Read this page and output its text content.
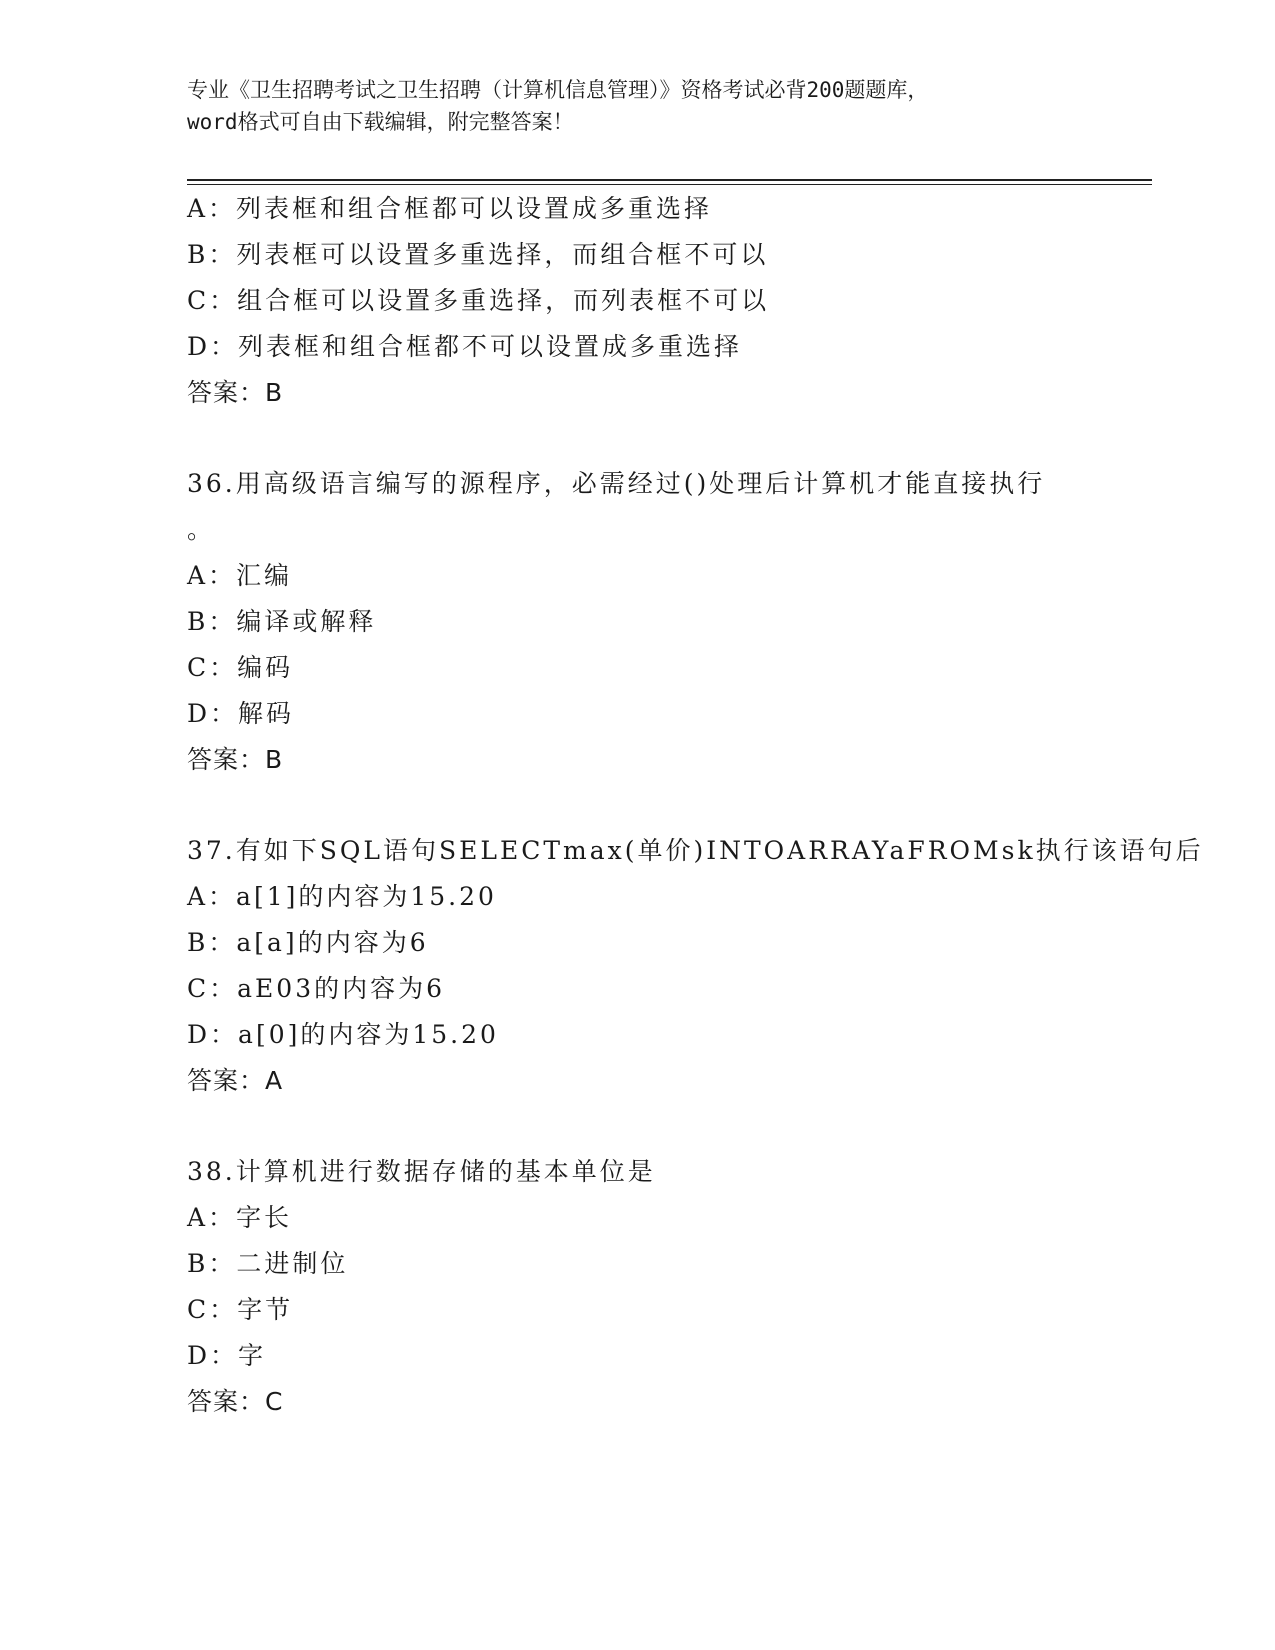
专业《卫生招聘考试之卫生招聘（计算机信息管理）》资格考试必背200题题库，
word格式可自由下载编辑，附完整答案！
A：列表框和组合框都可以设置成多重选择
B：列表框可以设置多重选择，而组合框不可以
C：组合框可以设置多重选择，而列表框不可以
D：列表框和组合框都不可以设置成多重选择
答案：B
36.用高级语言编写的源程序，必需经过()处理后计算机才能直接执行
。
A：汇编
B：编译或解释
C：编码
D：解码
答案：B
37.有如下SQL语句SELECTmax(单价)INTOARRAYaFROMsk执行该语句后
A：a[1]的内容为15.20
B：a[a]的内容为6
C：aE03的内容为6
D：a[0]的内容为15.20
答案：A
38.计算机进行数据存储的基本单位是
A：字长
B：二进制位
C：字节
D：字
答案：C
